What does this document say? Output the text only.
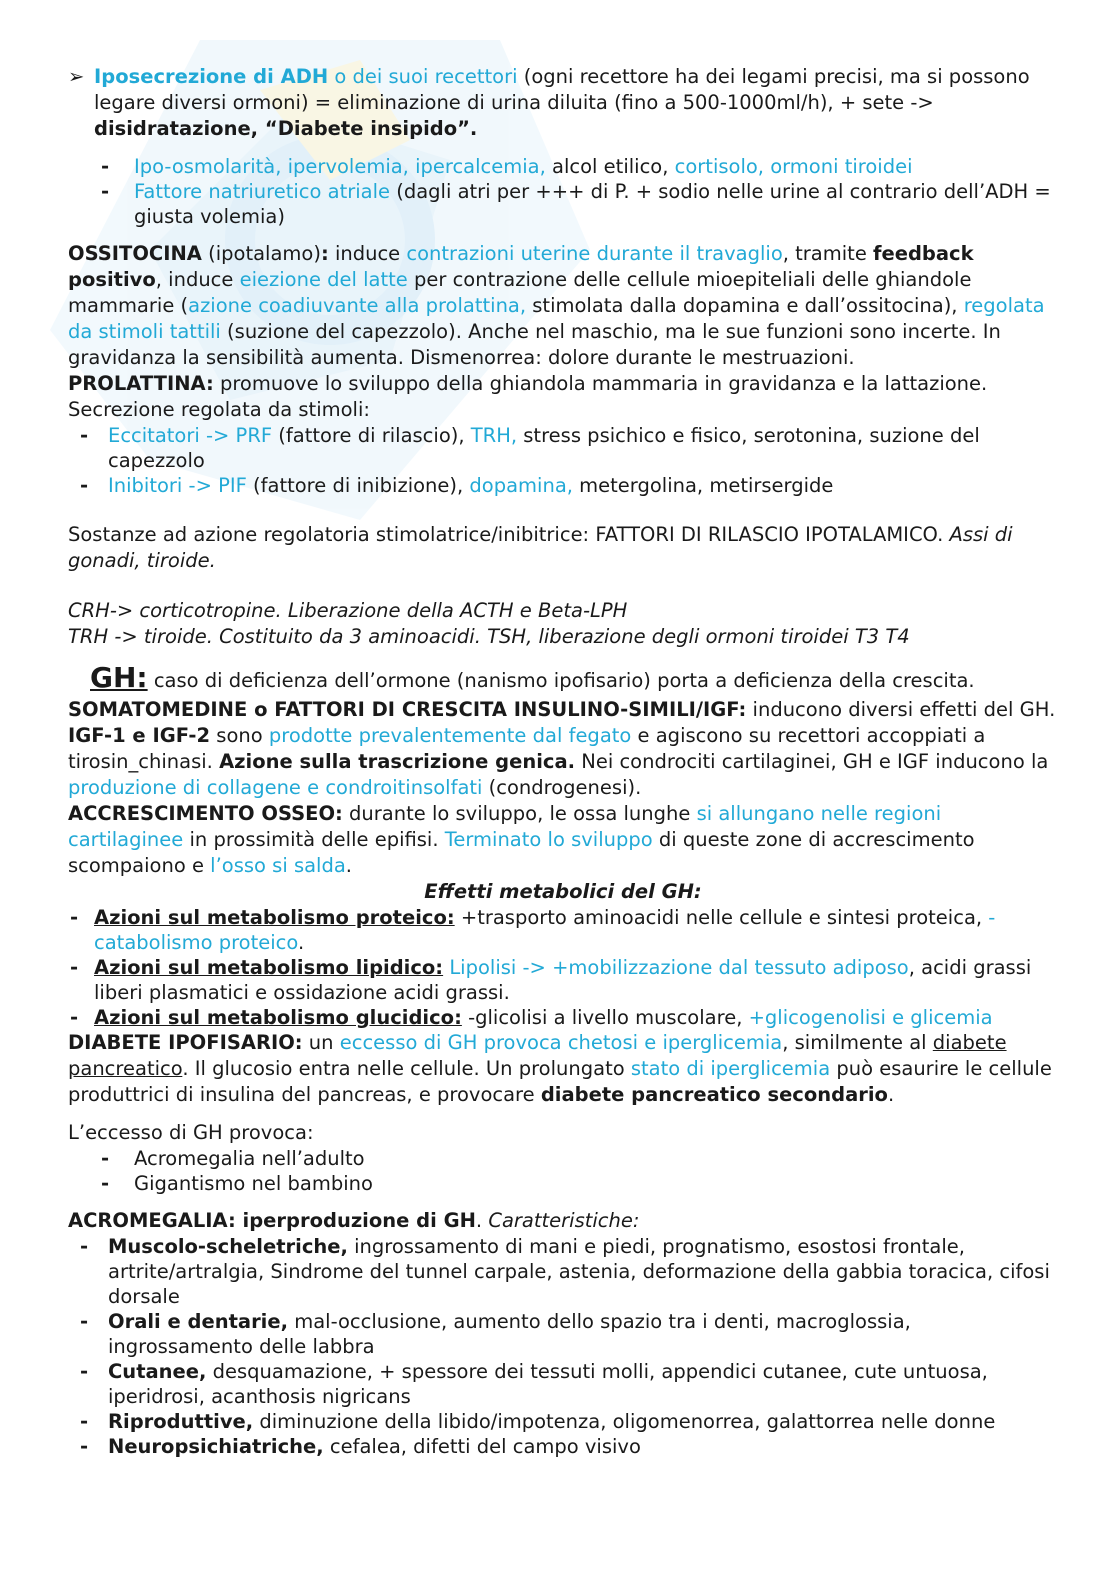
➢ Iposecrezione di ADH o dei suoi recettori (ogni recettore ha dei legami precisi, ma si possono legare diversi ormoni) = eliminazione di urina diluita (fino a 500-1000ml/h), + sete -> disidratazione, “Diabete insipido”.
- Ipo-osmolarità, ipervolemia, ipercalcemia, alcol etilico, cortisolo, ormoni tiroidei
- Fattore natriuretico atriale (dagli atri per +++ di P. + sodio nelle urine al contrario dell’ADH = giusta volemia)

OSSITOCINA (ipotalamo): induce contrazioni uterine durante il travaglio, tramite feedback positivo, induce eiezione del latte per contrazione delle cellule mioepiteliali delle ghiandole mammarie (azione coadiuvante alla prolattina, stimolata dalla dopamina e dall’ossitocina), regolata da stimoli tattili (suzione del capezzolo). Anche nel maschio, ma le sue funzioni sono incerte. In gravidanza la sensibilità aumenta. Dismenorrea: dolore durante le mestruazioni.

PROLATTINA: promuove lo sviluppo della ghiandola mammaria in gravidanza e la lattazione.

Secrezione regolata da stimoli:

- Eccitatori -> PRF (fattore di rilascio), TRH, stress psichico e fisico, serotonina, suzione del capezzolo
- Inibitori -> PIF (fattore di inibizione), dopamina, metergolina, metirsergide

Sostanze ad azione regolatoria stimolatrice/inibitrice: FATTORI DI RILASCIO IPOTALAMICO. Assi di gonadi, tiroide.

CRH-> corticotropine. Liberazione della ACTH e Beta-LPH

TRH -> tiroide. Costituito da 3 aminoacidi. TSH, liberazione degli ormoni tiroidei T3 T4

GH: caso di deficienza dell’ormone (nanismo ipofisario) porta a deficienza della crescita.

SOMATOMEDINE o FATTORI DI CRESCITA INSULINO-SIMILI/IGF: inducono diversi effetti del GH. IGF-1 e IGF-2 sono prodotte prevalentemente dal fegato e agiscono su recettori accoppiati a tirosin_chinasi. Azione sulla trascrizione genica. Nei condrociti cartilaginei, GH e IGF inducono la produzione di collagene e condroitinsolfati (condrogenesi).

ACCRESCIMENTO OSSEO: durante lo sviluppo, le ossa lunghe si allungano nelle regioni cartilaginee in prossimità delle epifisi. Terminato lo sviluppo di queste zone di accrescimento scompaiono e l’osso si salda.

Effetti metabolici del GH:

- Azioni sul metabolismo proteico: +trasporto aminoacidi nelle cellule e sintesi proteica, -catabolismo proteico.
- Azioni sul metabolismo lipidico: Lipolisi -> +mobilizzazione dal tessuto adiposo, acidi grassi liberi plasmatici e ossidazione acidi grassi.
- Azioni sul metabolismo glucidico: -glicolisi a livello muscolare, +glicogenolisi e glicemia

DIABETE IPOFISARIO: un eccesso di GH provoca chetosi e iperglicemia, similmente al diabete pancreatico. Il glucosio entra nelle cellule. Un prolungato stato di iperglicemia può esaurire le cellule produttrici di insulina del pancreas, e provocare diabete pancreatico secondario.

L’eccesso di GH provoca:

- Acromegalia nell’adulto
- Gigantismo nel bambino

ACROMEGALIA: iperproduzione di GH. Caratteristiche:

- Muscolo-scheletriche, ingrossamento di mani e piedi, prognatismo, esostosi frontale, artrite/artralgia, Sindrome del tunnel carpale, astenia, deformazione della gabbia toracica, cifosi dorsale
- Orali e dentarie, mal-occlusione, aumento dello spazio tra i denti, macroglossia, ingrossamento delle labbra
- Cutanee, desquamazione, + spessore dei tessuti molli, appendici cutanee, cute untuosa, iperidrosi, acanthosis nigricans
- Riproduttive, diminuzione della libido/impotenza, oligomenorrea, galattorrea nelle donne
- Neuropsichiatriche, cefalea, difetti del campo visivo
